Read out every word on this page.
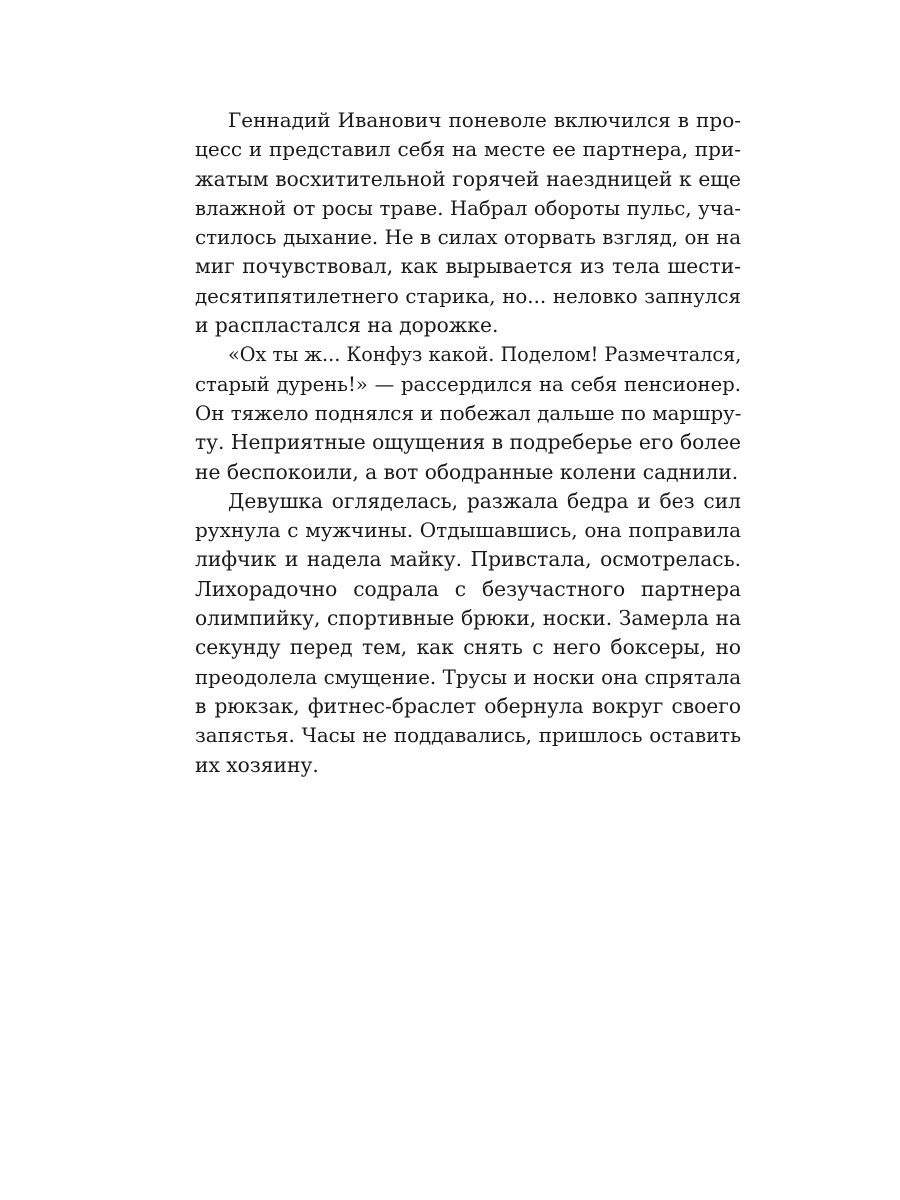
Геннадий Иванович поневоле включился в про-
цесс и представил себя на месте ее партнера, при-
жатым восхитительной горячей наездницей к еще
влажной от росы траве. Набрал обороты пульс, уча-
стилось дыхание. Не в силах оторвать взгляд, он на
миг почувствовал, как вырывается из тела шести-
десятипятилетнего старика, но... неловко запнулся
и распластался на дорожке.
«Ох ты ж... Конфуз какой. Поделом! Размечтался,
старый дурень!» — рассердился на себя пенсионер.
Он тяжело поднялся и побежал дальше по маршру-
ту. Неприятные ощущения в подреберье его более
не беспокоили, а вот ободранные колени саднили.
Девушка огляделась, разжала бедра и без сил
рухнула с мужчины. Отдышавшись, она поправила
лифчик и надела майку. Привстала, осмотрелась.
Лихорадочно содрала с безучастного партнера
олимпийку, спортивные брюки, носки. Замерла на
секунду перед тем, как снять с него боксеры, но
преодолела смущение. Трусы и носки она спрятала
в рюкзак, фитнес-браслет обернула вокруг своего
запястья. Часы не поддавались, пришлось оставить
их хозяину.
